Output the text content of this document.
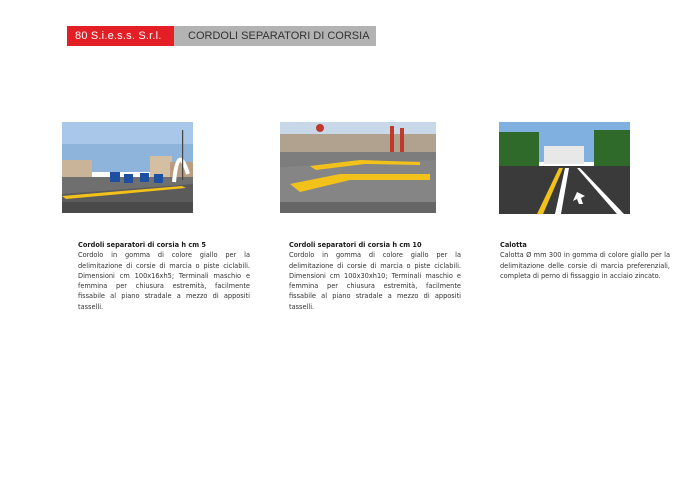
80 S.i.e.s.s. S.r.l.	CORDOLI SEPARATORI DI CORSIA
Cordoli separatori di corsia h cm 5
Cordolo in gomma di colore giallo per la delimitazione di corsie di marcia o piste ciclabili. Dimensioni cm 100x16xh5; Terminali maschio e femmina per chiusura estremità, facilmente fissabile al piano stradale a mezzo di appositi tasselli.
Cordoli separatori di corsia h cm 10
Cordolo in gomma di colore giallo per la delimitazione di corsie di marcia o piste ciclabili. Dimensioni cm 100x30xh10; Terminali maschio e femmina per chiusura estremità, facilmente fissabile al piano stradale a mezzo di appositi tasselli.
Calotta
Calotta Ø mm 300 in gomma di colore giallo per la delimitazione delle corsie di marcia preferenziali, completa di perno di fissaggio in acciaio zincato.
